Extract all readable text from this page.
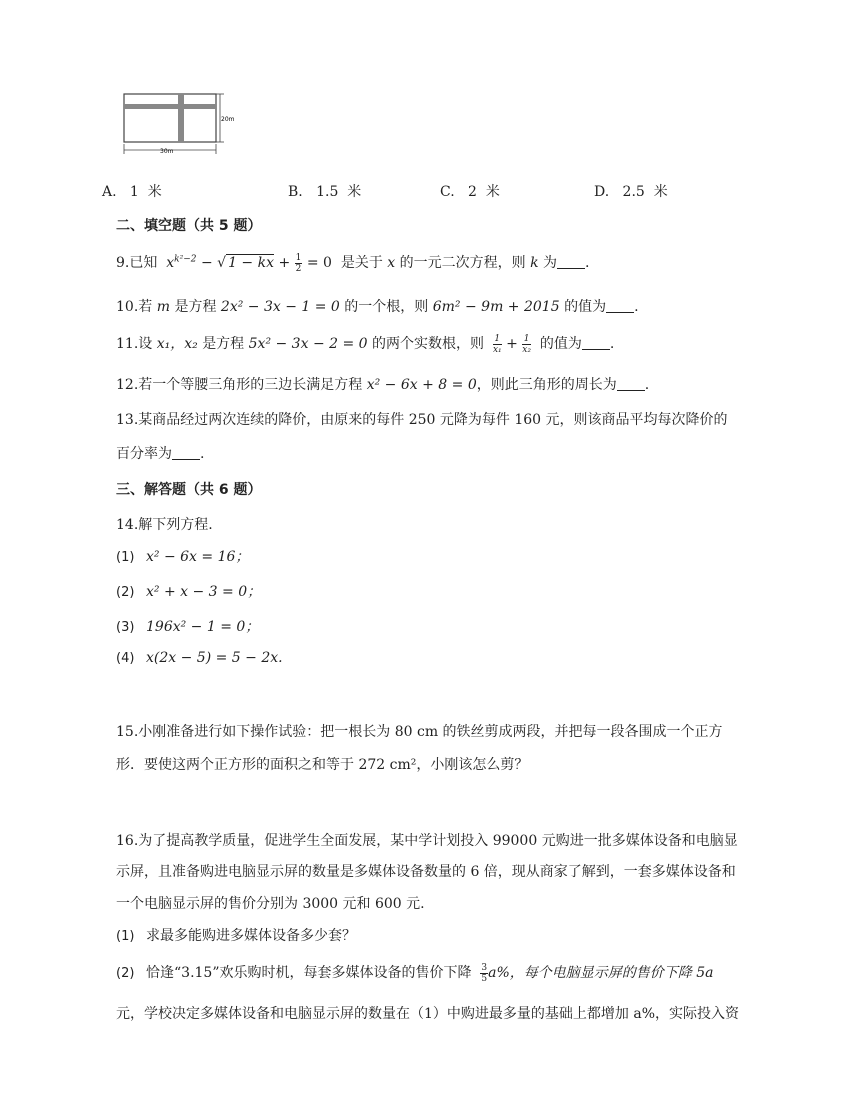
20m
30m
A. 1 米	B. 1.5 米	C. 2 米	D. 2.5 米
二、填空题（共 5 题）
9.已知 $x^{k^2-2}$ − √ 1 − kx + $\frac{1}{2} = 0$  是关于 x 的一元二次方程，则 k 为 .
10.若 m 是方程 2x² − 3x − 1 = 0 的一个根，则 6m² − 9m + 2015 的值为 .
11.设 x₁，x₂ 是方程 5x² − 3x − 2 = 0 的两个实数根，则 $\frac{1}{\text{x₁}} + \frac{1}{\text{x₂}}$ 的值为 .
12.若一个等腰三角形的三边长满足方程 x² − 6x + 8 = 0，则此三角形的周长为 .
13.某商品经过两次连续的降价，由原来的每件 250 元降为每件 160 元，则该商品平均每次降价的
百分率为 .
三、解答题（共 6 题）
14.解下列方程.
(1) x² − 6x = 16；
(2) x² + x − 3 = 0；
(3) 196x² − 1 = 0；
(4) x(2x − 5) = 5 − 2x.
15.小刚准备进行如下操作试验：把一根长为 80 cm 的铁丝剪成两段，并把每一段各围成一个正方
形．要使这两个正方形的面积之和等于 272 cm²，小刚该怎么剪？
16.为了提高教学质量，促进学生全面发展，某中学计划投入 99000 元购进一批多媒体设备和电脑显
示屏，且准备购进电脑显示屏的数量是多媒体设备数量的 6 倍，现从商家了解到，一套多媒体设备和
一个电脑显示屏的售价分别为 3000 元和 600 元.
(1) 求最多能购进多媒体设备多少套？
(2) 恰逢“3.15”欢乐购时机，每套多媒体设备的售价下降 $\frac{3}{5} a\%$，每个电脑显示屏的售价下降 5a
元，学校决定多媒体设备和电脑显示屏的数量在（1）中购进最多量的基础上都增加 a%，实际投入资
